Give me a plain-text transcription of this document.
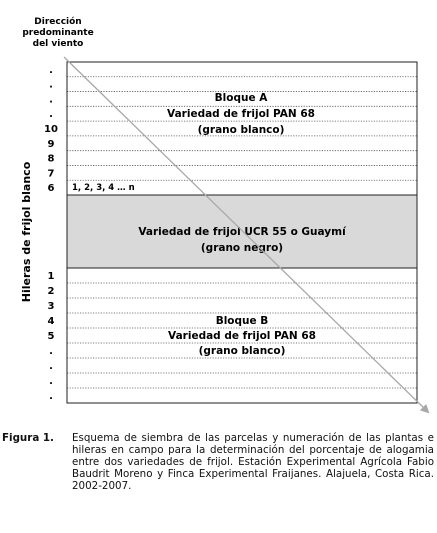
Dirección
predominante
del viento
Hileras de frijol blanco
.
.
.
.
10
9
8
7
6 1, 2, 3, 4 … n
Bloque A
Variedad de frijol PAN 68
(grano blanco)
Variedad de frijol UCR 55 o Guaymí
(grano negro)
1
2
3
4
5
.
.
.
.
Bloque B
Variedad de frijol PAN 68
(grano blanco)
Figura 1. Esquema de siembra de las parcelas y numeración de las plantas e hileras en campo para la determinación del porcentaje de alogamia entre dos variedades de frijol. Estación Experimental Agrícola Fabio Baudrit Moreno y Finca Experimental Fraijanes. Alajuela, Costa Rica. 2002-2007.
